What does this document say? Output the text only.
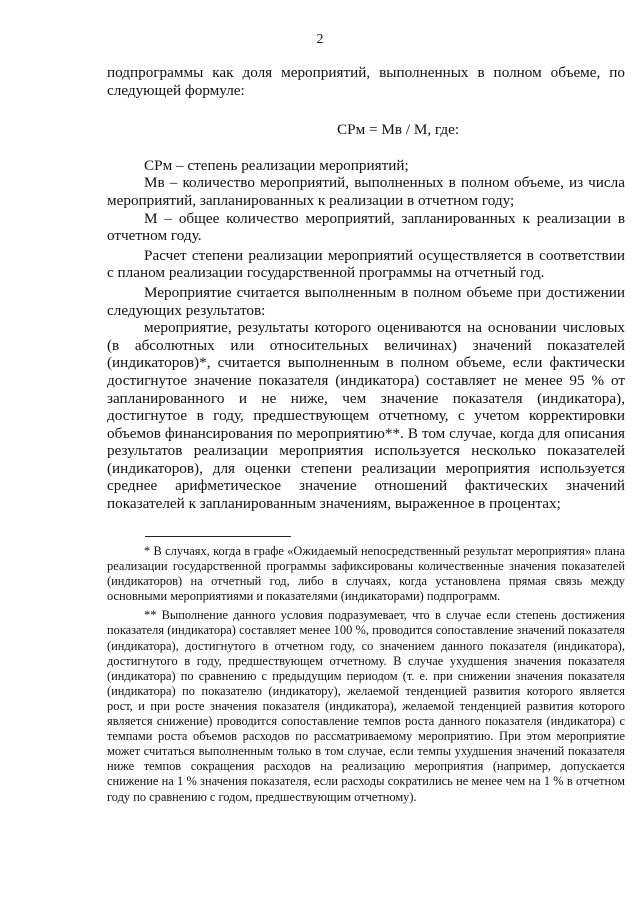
2

подпрограммы как доля мероприятий, выполненных в полном объеме, по следующей формуле:

СРм = Мв / М, где:

СРм – степень реализации мероприятий;

Мв – количество мероприятий, выполненных в полном объеме, из числа мероприятий, запланированных к реализации в отчетном году;

М – общее количество мероприятий, запланированных к реализации в отчетном году.

Расчет степени реализации мероприятий осуществляется в соответствии с планом реализации государственной программы на отчетный год.

Мероприятие считается выполненным в полном объеме при достижении следующих результатов:

мероприятие, результаты которого оцениваются на основании числовых (в абсолютных или относительных величинах) значений показателей (индикаторов)*, считается выполненным в полном объеме, если фактически достигнутое значение показателя (индикатора) составляет не менее 95 % от запланированного и не ниже, чем значение показателя (индикатора), достигнутое в году, предшествующем отчетному, с учетом корректировки объемов финансирования по мероприятию**. В том случае, когда для описания результатов реализации мероприятия используется несколько показателей (индикаторов), для оценки степени реализации мероприятия используется среднее арифметическое значение отношений фактических значений показателей к запланированным значениям, выраженное в процентах;

* В случаях, когда в графе «Ожидаемый непосредственный результат мероприятия» плана реализации государственной программы зафиксированы количественные значения показателей (индикаторов) на отчетный год, либо в случаях, когда установлена прямая связь между основными мероприятиями и показателями (индикаторами) подпрограмм.

** Выполнение данного условия подразумевает, что в случае если степень достижения показателя (индикатора) составляет менее 100 %, проводится сопоставление значений показателя (индикатора), достигнутого в отчетном году, со значением данного показателя (индикатора), достигнутого в году, предшествующем отчетному. В случае ухудшения значения показателя (индикатора) по сравнению с предыдущим периодом (т. е. при снижении значения показателя (индикатора) по показателю (индикатору), желаемой тенденцией развития которого является рост, и при росте значения показателя (индикатора), желаемой тенденцией развития которого является снижение) проводится сопоставление темпов роста данного показателя (индикатора) с темпами роста объемов расходов по рассматриваемому мероприятию. При этом мероприятие может считаться выполненным только в том случае, если темпы ухудшения значений показателя ниже темпов сокращения расходов на реализацию мероприятия (например, допускается снижение на 1 % значения показателя, если расходы сократились не менее чем на 1 % в отчетном году по сравнению с годом, предшествующим отчетному).
